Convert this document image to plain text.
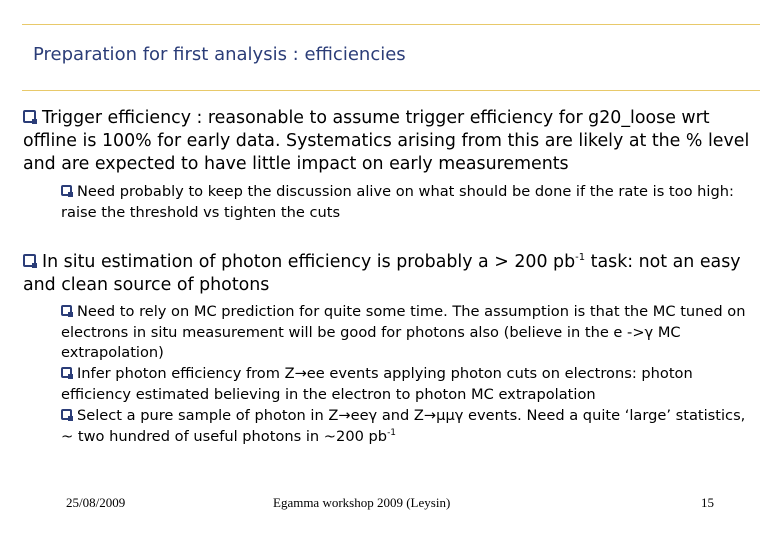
Preparation for first analysis : efficiencies
Trigger efficiency : reasonable to assume trigger efficiency for g20_loose wrt offline is 100% for early data. Systematics arising from this are likely at the % level and are expected to have little impact on early measurements
Need probably to keep the discussion alive on what should be done if the rate is too high: raise the threshold vs tighten the cuts
In situ estimation of photon efficiency is probably a > 200 $pb^{-1}$ task: not an easy and clean source of photons
Need to rely on MC prediction for quite some time. The assumption is that the MC tuned on electrons in situ measurement will be good for photons also (believe in the e ->γ MC extrapolation)
Infer photon efficiency from Z→ee events applying photon cuts on electrons: photon efficiency estimated believing in the electron to photon MC extrapolation
Select a pure sample of photon in Z→eeγ and Z→μμγ events. Need a quite ‘large’ statistics, ~ two hundred of useful photons in ~200 $pb^{-1}$
25/08/2009	Egamma workshop 2009 (Leysin)	15
